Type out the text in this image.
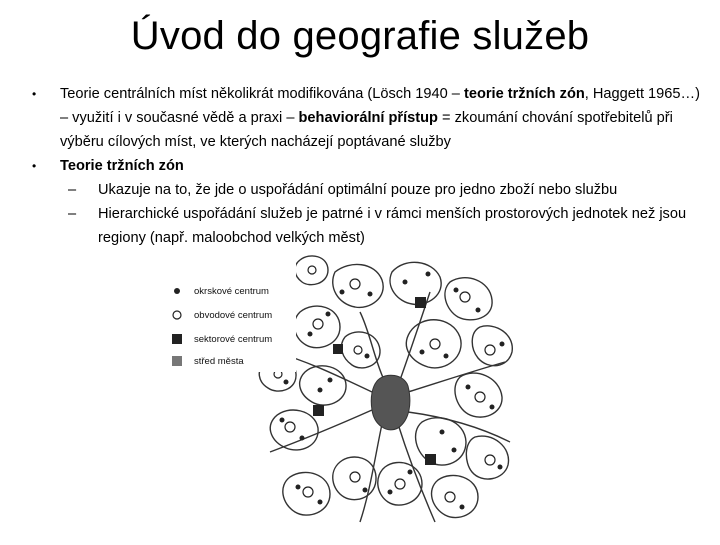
Úvod do geografie služeb
• Teorie centrálních míst několikrát modifikována (Lösch 1940 – teorie tržních zón, Haggett 1965…) – využití i v současné vědě a praxi – behaviorální přístup = zkoumání chování spotřebitelů při výběru cílových míst, ve kterých nacházejí poptávané služby
• Teorie tržních zón
– Ukazuje na to, že jde o uspořádání optimální pouze pro jedno zboží nebo službu
– Hierarchické uspořádání služeb je patrné i v rámci menších prostorových jednotek než jsou regiony (např. maloobchod velkých měst)
okrskové centrum
obvodové centrum
sektorové centrum
střed města
